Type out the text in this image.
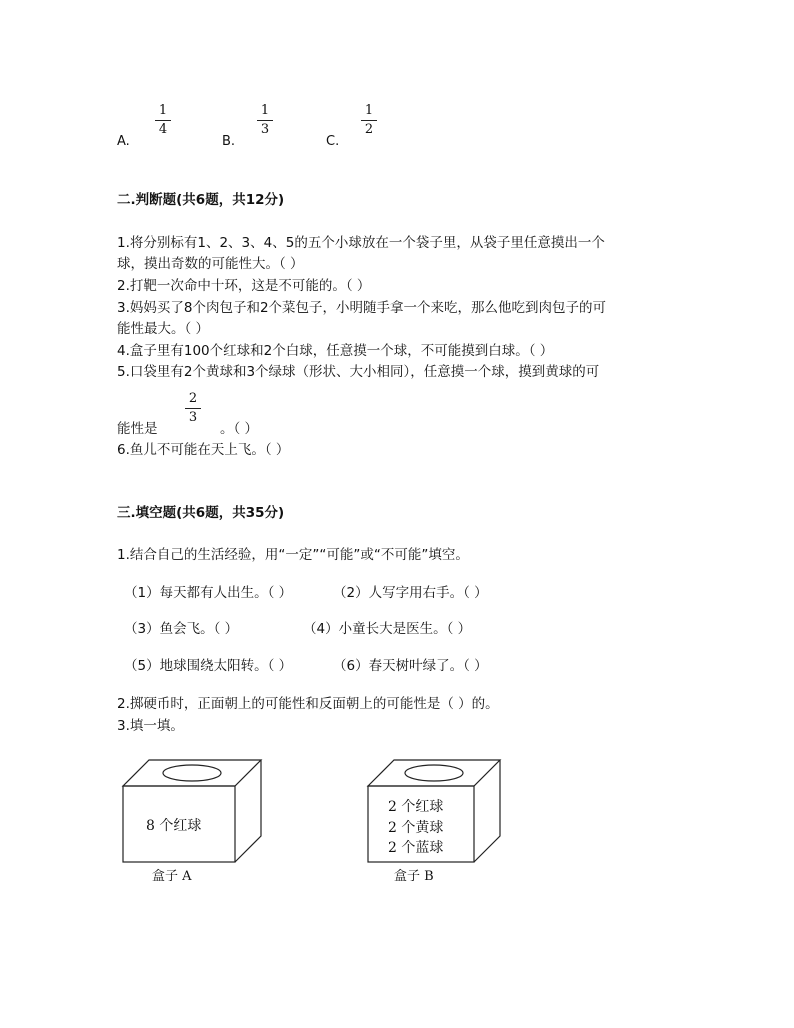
A.
1
4
B.
1
3
C.
1
2
二.判断题(共6题，共12分)
1.将分别标有1、2、3、4、5的五个小球放在一个袋子里，从袋子里任意摸出一个
球，摸出奇数的可能性大。（ ）
2.打靶一次命中十环，这是不可能的。（ ）
3.妈妈买了8个肉包子和2个菜包子，小明随手拿一个来吃，那么他吃到肉包子的可
能性最大。（ ）
4.盒子里有100个红球和2个白球，任意摸一个球，不可能摸到白球。（ ）
5.口袋里有2个黄球和3个绿球（形状、大小相同），任意摸一个球，摸到黄球的可
能性是
2
3
。（ ）
6.鱼儿不可能在天上飞。（ ）
三.填空题(共6题，共35分)
1.结合自己的生活经验，用“一定”“可能”或“不可能”填空。
（1）每天都有人出生。（ ）	（2）人写字用右手。（ ）
（3）鱼会飞。（ ）	（4）小童长大是医生。（ ）
（5）地球围绕太阳转。（ ）	（6）春天树叶绿了。（ ）
2.掷硬币时，正面朝上的可能性和反面朝上的可能性是（ ）的。
3.填一填。
8 个红球
盒子 A
2 个红球
2 个黄球
2 个蓝球
盒子 B
